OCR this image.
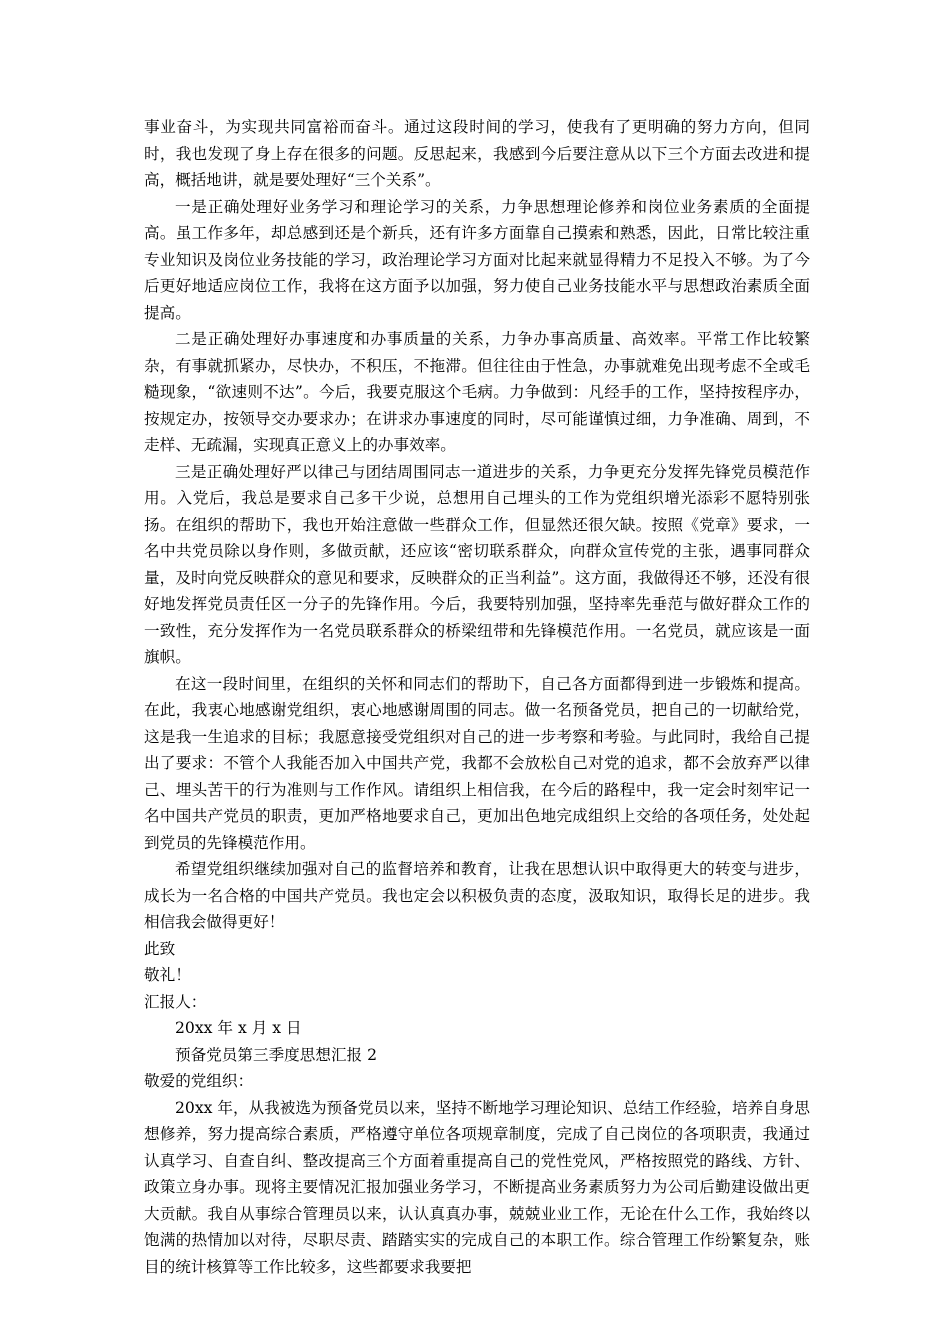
事业奋斗，为实现共同富裕而奋斗。通过这段时间的学习，使我有了更明确的努力方向，但同时，我也发现了身上存在很多的问题。反思起来，我感到今后要注意从以下三个方面去改进和提高，概括地讲，就是要处理好“三个关系”。

一是正确处理好业务学习和理论学习的关系，力争思想理论修养和岗位业务素质的全面提高。虽工作多年，却总感到还是个新兵，还有许多方面靠自己摸索和熟悉，因此，日常比较注重专业知识及岗位业务技能的学习，政治理论学习方面对比起来就显得精力不足投入不够。为了今后更好地适应岗位工作，我将在这方面予以加强，努力使自己业务技能水平与思想政治素质全面提高。

二是正确处理好办事速度和办事质量的关系，力争办事高质量、高效率。平常工作比较繁杂，有事就抓紧办，尽快办，不积压，不拖滞。但往往由于性急，办事就难免出现考虑不全或毛糙现象，“欲速则不达”。今后，我要克服这个毛病。力争做到：凡经手的工作，坚持按程序办，按规定办，按领导交办要求办；在讲求办事速度的同时，尽可能谨慎过细，力争准确、周到，不走样、无疏漏，实现真正意义上的办事效率。

三是正确处理好严以律己与团结周围同志一道进步的关系，力争更充分发挥先锋党员模范作用。入党后，我总是要求自己多干少说，总想用自己埋头的工作为党组织增光添彩不愿特别张扬。在组织的帮助下，我也开始注意做一些群众工作，但显然还很欠缺。按照《党章》要求，一名中共党员除以身作则，多做贡献，还应该“密切联系群众，向群众宣传党的主张，遇事同群众量，及时向党反映群众的意见和要求，反映群众的正当利益”。这方面，我做得还不够，还没有很好地发挥党员责任区一分子的先锋作用。今后，我要特别加强，坚持率先垂范与做好群众工作的一致性，充分发挥作为一名党员联系群众的桥梁纽带和先锋模范作用。一名党员，就应该是一面旗帜。

在这一段时间里，在组织的关怀和同志们的帮助下，自己各方面都得到进一步锻炼和提高。在此，我衷心地感谢党组织，衷心地感谢周围的同志。做一名预备党员，把自己的一切献给党，这是我一生追求的目标；我愿意接受党组织对自己的进一步考察和考验。与此同时，我给自己提出了要求：不管个人我能否加入中国共产党，我都不会放松自己对党的追求，都不会放弃严以律己、埋头苦干的行为准则与工作作风。请组织上相信我，在今后的路程中，我一定会时刻牢记一名中国共产党员的职责，更加严格地要求自己，更加出色地完成组织上交给的各项任务，处处起到党员的先锋模范作用。

希望党组织继续加强对自己的监督培养和教育，让我在思想认识中取得更大的转变与进步，成长为一名合格的中国共产党员。我也定会以积极负责的态度，汲取知识，取得长足的进步。我相信我会做得更好！

此致

敬礼！

汇报人：

20xx 年 x 月 x 日

预备党员第三季度思想汇报 2

敬爱的党组织：

20xx 年，从我被选为预备党员以来，坚持不断地学习理论知识、总结工作经验，培养自身思想修养，努力提高综合素质，严格遵守单位各项规章制度，完成了自己岗位的各项职责，我通过认真学习、自查自纠、整改提高三个方面着重提高自己的党性党风，严格按照党的路线、方针、政策立身办事。现将主要情况汇报加强业务学习，不断提高业务素质努力为公司后勤建设做出更大贡献。我自从事综合管理员以来，认认真真办事，兢兢业业工作，无论在什么工作，我始终以饱满的热情加以对待，尽职尽责、踏踏实实的完成自己的本职工作。综合管理工作纷繁复杂，账目的统计核算等工作比较多，这些都要求我要把
